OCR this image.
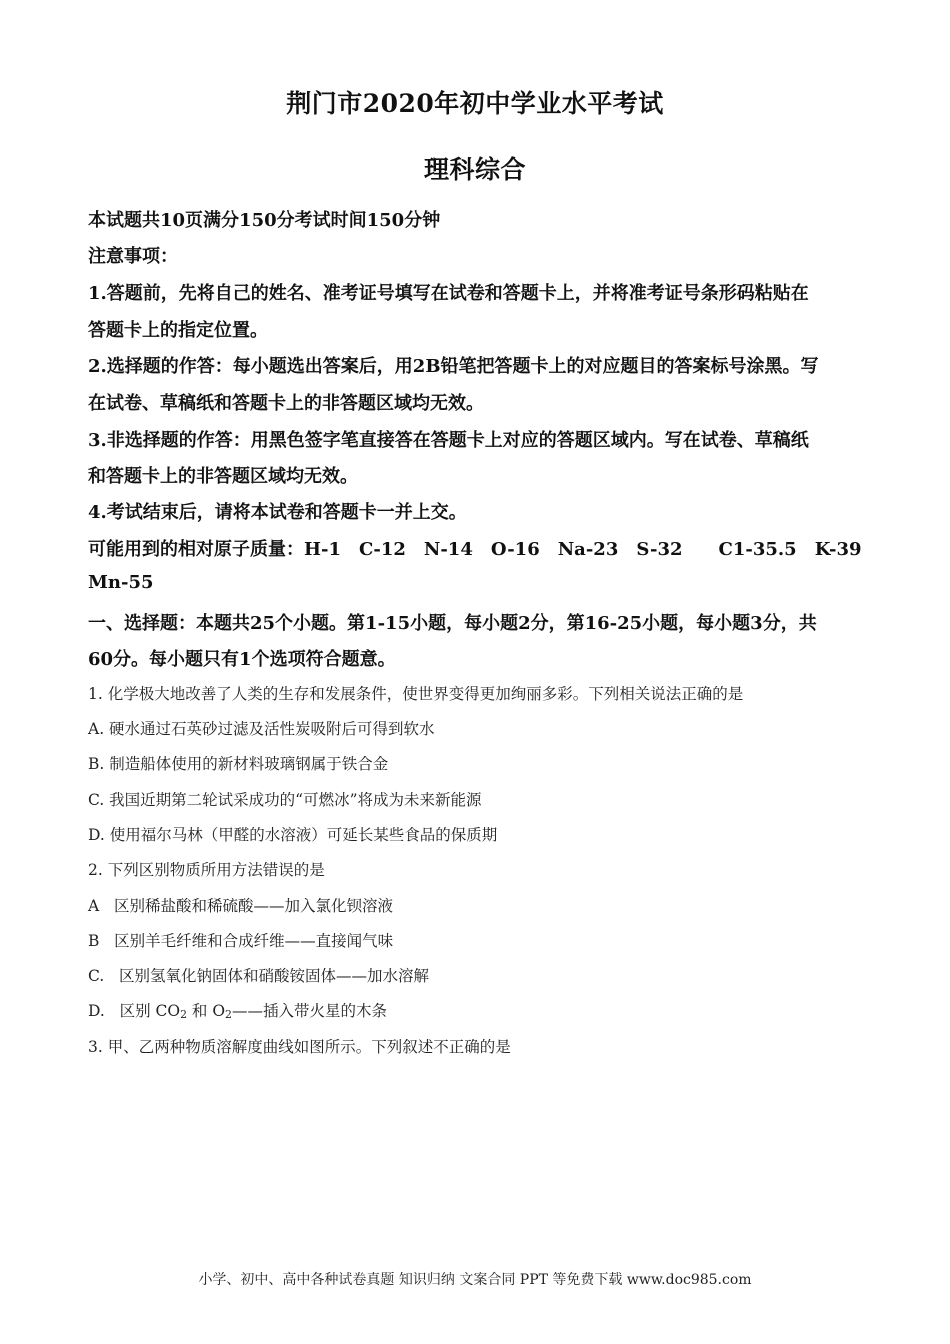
荆门市2020年初中学业水平考试
理科综合
本试题共10页满分150分考试时间150分钟
注意事项：
1.答题前，先将自己的姓名、准考证号填写在试卷和答题卡上，并将准考证号条形码粘贴在
答题卡上的指定位置。
2.选择题的作答：每小题选出答案后，用2B铅笔把答题卡上的对应题目的答案标号涂黑。写
在试卷、草稿纸和答题卡上的非答题区域均无效。
3.非选择题的作答：用黑色签字笔直接答在答题卡上对应的答题区域内。写在试卷、草稿纸
和答题卡上的非答题区域均无效。
4.考试结束后，请将本试卷和答题卡一并上交。
可能用到的相对原子质量：H-1 C-12 N-14 O-16 Na-23 S-32 C1-35.5 K-39
Mn-55
一、选择题：本题共25个小题。第1-15小题，每小题2分，第16-25小题，每小题3分，共
60分。每小题只有1个选项符合题意。
1. 化学极大地改善了人类的生存和发展条件，使世界变得更加绚丽多彩。下列相关说法正确的是
A. 硬水通过石英砂过滤及活性炭吸附后可得到软水
B. 制造船体使用的新材料玻璃钢属于铁合金
C. 我国近期第二轮试采成功的“可燃冰”将成为未来新能源
D. 使用福尔马林（甲醛的水溶液）可延长某些食品的保质期
2. 下列区别物质所用方法错误的是
A   区别稀盐酸和稀硫酸——加入氯化钡溶液
B   区别羊毛纤维和合成纤维——直接闻气味
C.   区别氢氧化钠固体和硝酸铵固体——加水溶解
D.   区别 $CO_2$ 和 $O_2——$插入带火星的木条
3. 甲、乙两种物质溶解度曲线如图所示。下列叙述不正确的是
小学、初中、高中各种试卷真题 知识归纳 文案合同 PPT 等免费下载 www.doc985.com
